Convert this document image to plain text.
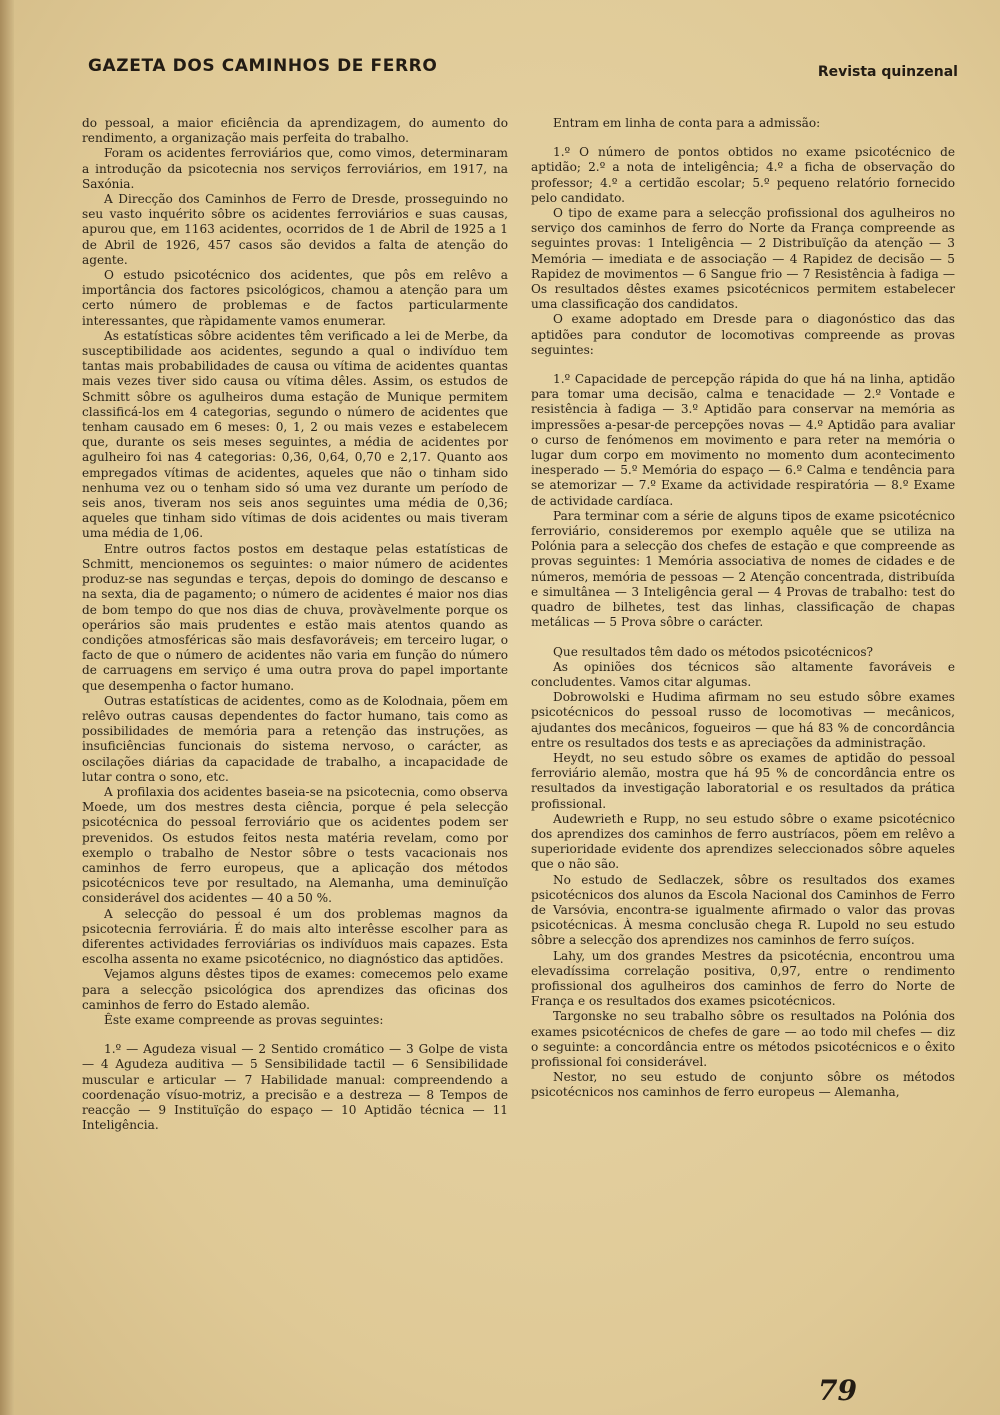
GAZETA DOS CAMINHOS DE FERRO	Revista quinzenal

do pessoal, a maior eficiência da aprendizagem, do aumento do rendimento, a organização mais perfeita do trabalho.

Foram os acidentes ferroviários que, como vimos, determinaram a introdução da psicotecnia nos serviços ferroviários, em 1917, na Saxónia.

A Direcção dos Caminhos de Ferro de Dresde, prosseguindo no seu vasto inquérito sôbre os acidentes ferroviários e suas causas, apurou que, em 1163 acidentes, ocorridos de 1 de Abril de 1925 a 1 de Abril de 1926, 457 casos são devidos a falta de atenção do agente.

O estudo psicotécnico dos acidentes, que pôs em relêvo a importância dos factores psicológicos, chamou a atenção para um certo número de problemas e de factos particularmente interessantes, que ràpidamente vamos enumerar.

As estatísticas sôbre acidentes têm verificado a lei de Merbe, da susceptibilidade aos acidentes, segundo a qual o indivíduo tem tantas mais probabilidades de causa ou vítima de acidentes quantas mais vezes tiver sido causa ou vítima dêles. Assim, os estudos de Schmitt sôbre os agulheiros duma estação de Munique permitem classificá-los em 4 categorias, segundo o número de acidentes que tenham causado em 6 meses: 0, 1, 2 ou mais vezes e estabelecem que, durante os seis meses seguintes, a média de acidentes por agulheiro foi nas 4 categorias: 0,36, 0,64, 0,70 e 2,17. Quanto aos empregados vítimas de acidentes, aqueles que não o tinham sido nenhuma vez ou o tenham sido só uma vez durante um período de seis anos, tiveram nos seis anos seguintes uma média de 0,36; aqueles que tinham sido vítimas de dois acidentes ou mais tiveram uma média de 1,06.

Entre outros factos postos em destaque pelas estatísticas de Schmitt, mencionemos os seguintes: o maior número de acidentes produz-se nas segundas e terças, depois do domingo de descanso e na sexta, dia de pagamento; o número de acidentes é maior nos dias de bom tempo do que nos dias de chuva, provàvelmente porque os operários são mais prudentes e estão mais atentos quando as condições atmosféricas são mais desfavoráveis; em terceiro lugar, o facto de que o número de acidentes não varia em função do número de carruagens em serviço é uma outra prova do papel importante que desempenha o factor humano.

Outras estatísticas de acidentes, como as de Kolodnaia, põem em relêvo outras causas dependentes do factor humano, tais como as possibilidades de memória para a retenção das instruções, as insuficiências funcionais do sistema nervoso, o carácter, as oscilações diárias da capacidade de trabalho, a incapacidade de lutar contra o sono, etc.

A profilaxia dos acidentes baseia-se na psicotecnia, como observa Moede, um dos mestres desta ciência, porque é pela selecção psicotécnica do pessoal ferroviário que os acidentes podem ser prevenidos. Os estudos feitos nesta matéria revelam, como por exemplo o trabalho de Nestor sôbre o tests vacacionais nos caminhos de ferro europeus, que a aplicação dos métodos psicotécnicos teve por resultado, na Alemanha, uma deminuïção considerável dos acidentes — 40 a 50 %.

A selecção do pessoal é um dos problemas magnos da psicotecnia ferroviária. É do mais alto interêsse escolher para as diferentes actividades ferroviárias os indivíduos mais capazes. Esta escolha assenta no exame psicotécnico, no diagnóstico das aptidões.

Vejamos alguns dêstes tipos de exames: comecemos pelo exame para a selecção psicológica dos aprendizes das oficinas dos caminhos de ferro do Estado alemão.

Êste exame compreende as provas seguintes:

1.º — Agudeza visual — 2 Sentido cromático — 3 Golpe de vista — 4 Agudeza auditiva — 5 Sensibilidade tactil — 6 Sensibilidade muscular e articular — 7 Habilidade manual: compreendendo a coordenação vísuo-motriz, a precisão e a destreza — 8 Tempos de reacção — 9 Instituïção do espaço — 10 Aptidão técnica — 11 Inteligência.

Entram em linha de conta para a admissão:

1.º O número de pontos obtidos no exame psicotécnico de aptidão; 2.º a nota de inteligência; 4.º a ficha de observação do professor; 4.º a certidão escolar; 5.º pequeno relatório fornecido pelo candidato.

O tipo de exame para a selecção profissional dos agulheiros no serviço dos caminhos de ferro do Norte da França compreende as seguintes provas: 1 Inteligência — 2 Distribuïção da atenção — 3 Memória — imediata e de associação — 4 Rapidez de decisão — 5 Rapidez de movimentos — 6 Sangue frio — 7 Resistência à fadiga — Os resultados dêstes exames psicotécnicos permitem estabelecer uma classificação dos candidatos.

O exame adoptado em Dresde para o diagonóstico das das aptidões para condutor de locomotivas compreende as provas seguintes:

1.º Capacidade de percepção rápida do que há na linha, aptidão para tomar uma decisão, calma e tenacidade — 2.º Vontade e resistência à fadiga — 3.º Aptidão para conservar na memória as impressões a-pesar-de percepções novas — 4.º Aptidão para avaliar o curso de fenómenos em movimento e para reter na memória o lugar dum corpo em movimento no momento dum acontecimento inesperado — 5.º Memória do espaço — 6.º Calma e tendência para se atemorizar — 7.º Exame da actividade respiratória — 8.º Exame de actividade cardíaca.

Para terminar com a série de alguns tipos de exame psicotécnico ferroviário, consideremos por exemplo aquêle que se utiliza na Polónia para a selecção dos chefes de estação e que compreende as provas seguintes: 1 Memória associativa de nomes de cidades e de números, memória de pessoas — 2 Atenção concentrada, distribuída e simultânea — 3 Inteligência geral — 4 Provas de trabalho: test do quadro de bilhetes, test das linhas, classificação de chapas metálicas — 5 Prova sôbre o carácter.

Que resultados têm dado os métodos psicotécnicos?

As opiniões dos técnicos são altamente favoráveis e concludentes. Vamos citar algumas.

Dobrowolski e Hudima afirmam no seu estudo sôbre exames psicotécnicos do pessoal russo de locomotivas — mecânicos, ajudantes dos mecânicos, fogueiros — que há 83 % de concordância entre os resultados dos tests e as apreciações da administração.

Heydt, no seu estudo sôbre os exames de aptidão do pessoal ferroviário alemão, mostra que há 95 % de concordância entre os resultados da investigação laboratorial e os resultados da prática profissional.

Audewrieth e Rupp, no seu estudo sôbre o exame psicotécnico dos aprendizes dos caminhos de ferro austríacos, põem em relêvo a superioridade evidente dos aprendizes seleccionados sôbre aqueles que o não são.

No estudo de Sedlaczek, sôbre os resultados dos exames psicotécnicos dos alunos da Escola Nacional dos Caminhos de Ferro de Varsóvia, encontra-se igualmente afirmado o valor das provas psicotécnicas. À mesma conclusão chega R. Lupold no seu estudo sôbre a selecção dos aprendizes nos caminhos de ferro suíços.

Lahy, um dos grandes Mestres da psicotécnia, encontrou uma elevadíssima correlação positiva, 0,97, entre o rendimento profissional dos agulheiros dos caminhos de ferro do Norte de França e os resultados dos exames psicotécnicos.

Targonske no seu trabalho sôbre os resultados na Polónia dos exames psicotécnicos de chefes de gare — ao todo mil chefes — diz o seguinte: a concordância entre os métodos psicotécnicos e o êxito profissional foi considerável.

Nestor, no seu estudo de conjunto sôbre os métodos psicotécnicos nos caminhos de ferro europeus — Alemanha,

79
